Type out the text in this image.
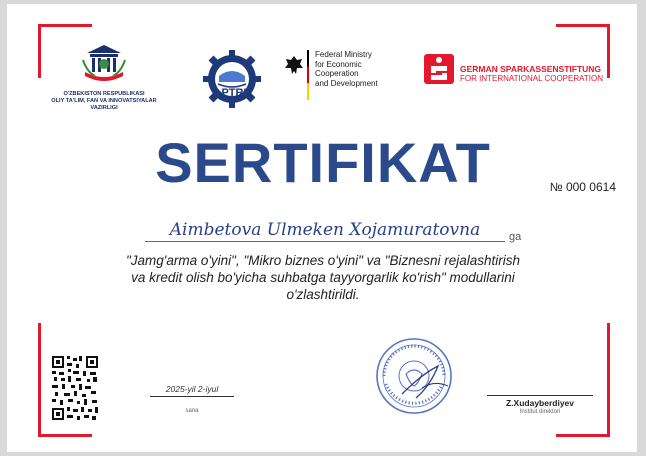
O'ZBEKISTON RESPUBLIKASI
OLIY TA'LIM, FAN VA INNOVATSIYALAR
VAZIRLIGI
PTRI
Federal Ministry
for Economic Cooperation
and Development
GERMAN SPARKASSENSTIFTUNG
FOR INTERNATIONAL COOPERATION
SERTIFIKAT	№ 000 0614
Aimbetova Ulmeken Xojamuratovna	ga
"Jamg'arma o'yini", "Mikro biznes o'yini" va "Biznesni rejalashtirish
va kredit olish bo'yicha suhbatga tayyorgarlik ko'rish" modullarini
o'zlashtirildi.
2025-yil 2-iyul
sana
Z.Xudayberdiyev
Institut direktori
